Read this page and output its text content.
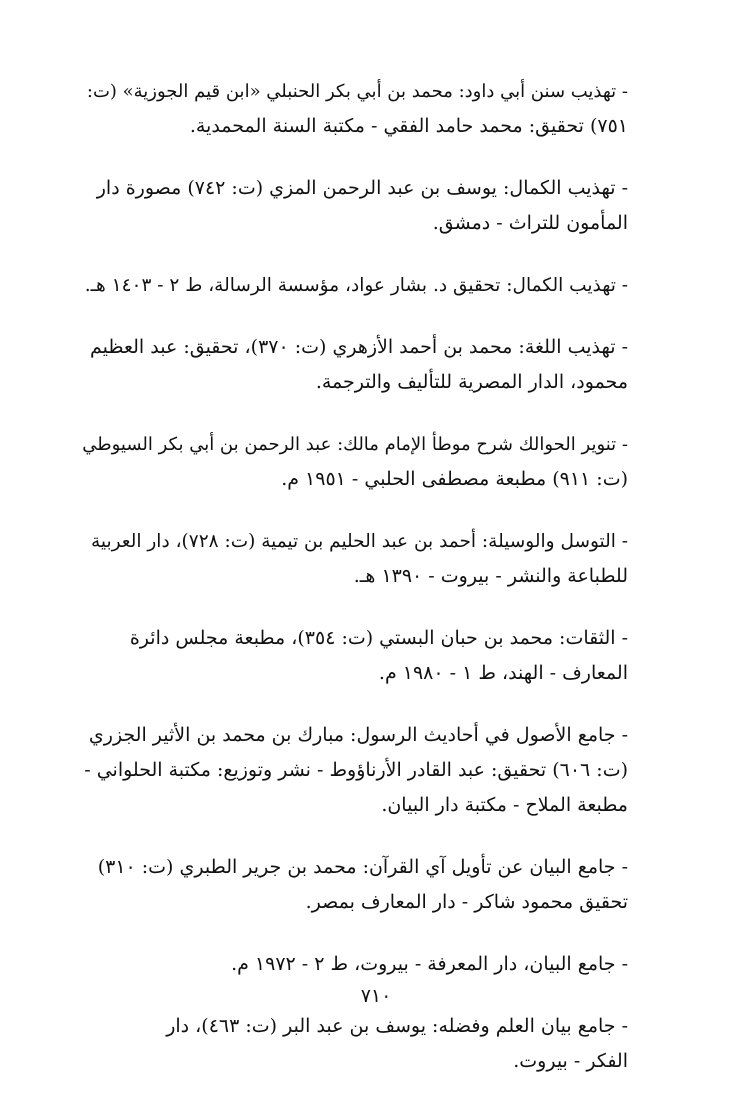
- تهذيب سنن أبي داود: محمد بن أبي بكر الحنبلي «ابن قيم الجوزية» (ت:
٧٥١) تحقيق: محمد حامد الفقي - مكتبة السنة المحمدية.
- تهذيب الكمال: يوسف بن عبد الرحمن المزي (ت: ٧٤٢) مصورة دار
المأمون للتراث - دمشق.
- تهذيب الكمال: تحقيق د. بشار عواد، مؤسسة الرسالة، ط ٢ - ١٤٠٣ هـ.
- تهذيب اللغة: محمد بن أحمد الأزهري (ت: ٣٧٠)، تحقيق: عبد العظيم
محمود، الدار المصرية للتأليف والترجمة.
- تنوير الحوالك شرح موطأ الإمام مالك: عبد الرحمن بن أبي بكر السيوطي
(ت: ٩١١) مطبعة مصطفى الحلبي - ١٩٥١ م.
- التوسل والوسيلة: أحمد بن عبد الحليم بن تيمية (ت: ٧٢٨)، دار العربية
للطباعة والنشر - بيروت - ١٣٩٠ هـ.
- الثقات: محمد بن حبان البستي (ت: ٣٥٤)، مطبعة مجلس دائرة
المعارف - الهند، ط ١ - ١٩٨٠ م.
- جامع الأصول في أحاديث الرسول: مبارك بن محمد بن الأثير الجزري
(ت: ٦٠٦) تحقيق: عبد القادر الأرناؤوط - نشر وتوزيع: مكتبة الحلواني -
مطبعة الملاح - مكتبة دار البيان.
- جامع البيان عن تأويل آي القرآن: محمد بن جرير الطبري (ت: ٣١٠)
تحقيق محمود شاكر - دار المعارف بمصر.
- جامع البيان، دار المعرفة - بيروت، ط ٢ - ١٩٧٢ م.
- جامع بيان العلم وفضله: يوسف بن عبد البر (ت: ٤٦٣)، دار
الفكر - بيروت.
٧١٠
